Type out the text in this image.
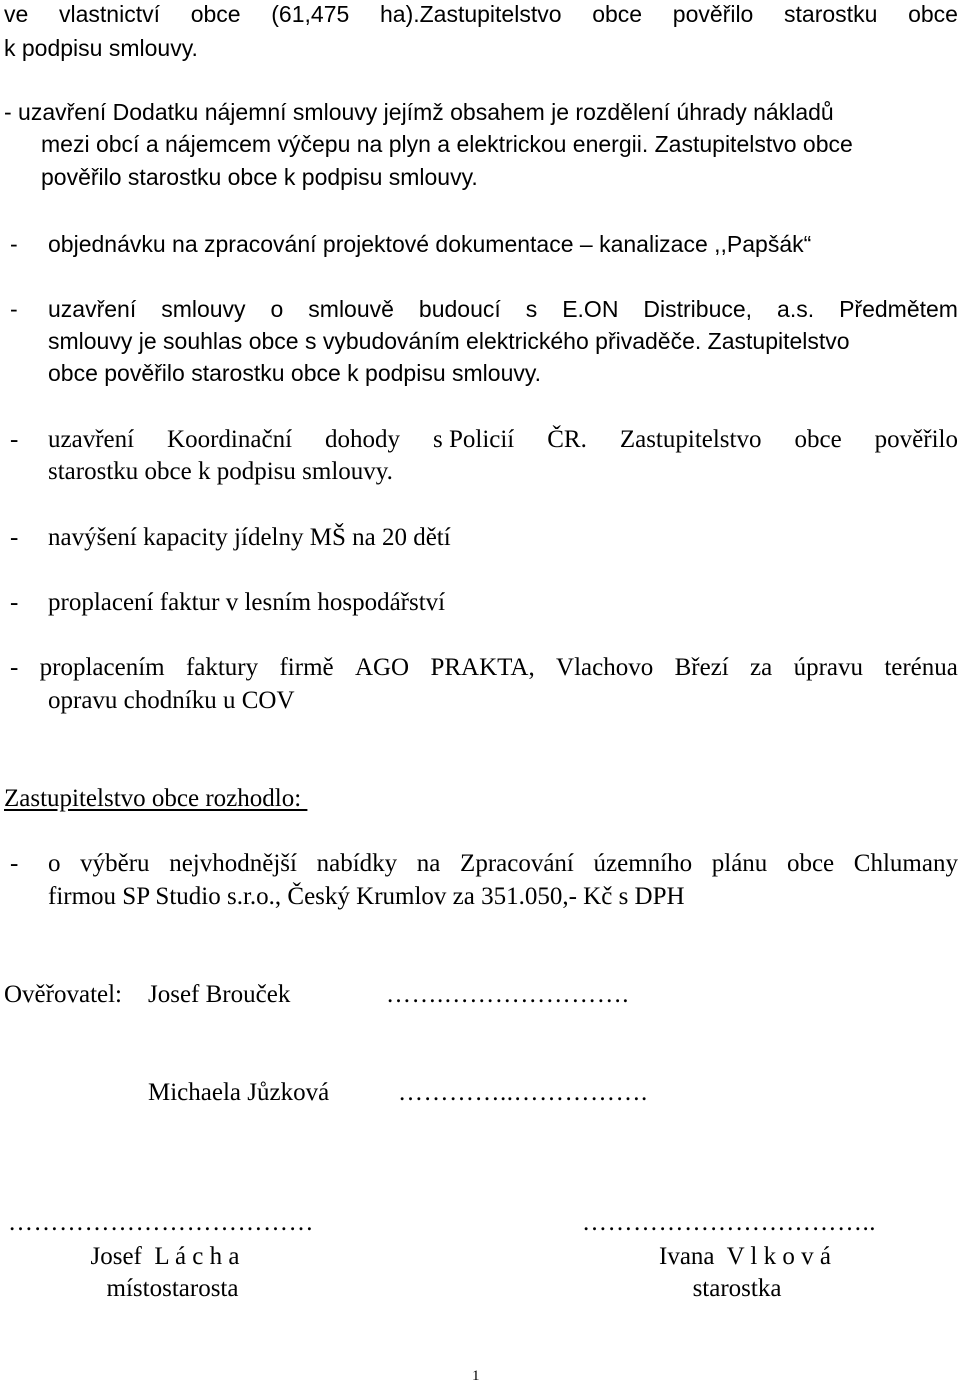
ve vlastnictví obce (61,475 ha).Zastupitelstvo obce pověřilo starostku obce
k podpisu smlouvy.
- uzavření Dodatku nájemní smlouvy jejímž obsahem je rozdělení úhrady nákladů
mezi obcí a nájemcem výčepu na plyn a elektrickou energii. Zastupitelstvo obce
pověřilo starostku obce k podpisu smlouvy.
- objednávku na zpracování projektové dokumentace – kanalizace ,,Papšák“
- uzavření smlouvy o smlouvě budoucí s E.ON Distribuce, a.s. Předmětem
smlouvy je souhlas obce s vybudováním elektrického přivaděče. Zastupitelstvo
obce pověřilo starostku obce k podpisu smlouvy.
- uzavření Koordinační dohody s Policií ČR. Zastupitelstvo obce pověřilo
starostku obce k podpisu smlouvy.
- navýšení kapacity jídelny MŠ na 20 dětí
- proplacení faktur v lesním hospodářství
- proplacením faktury firmě AGO PRAKTA, Vlachovo Březí za úpravu terénua
opravu chodníku u COV
Zastupitelstvo obce rozhodlo:
- o výběru nejvhodnější nabídky na Zpracování územního plánu obce Chlumany
firmou SP Studio s.r.o., Český Krumlov za 351.050,- Kč s DPH
Ověřovatel: Josef Brouček	…….………………….
Michaela Jůzková	…………..…………….
………………………………	……………………………..
Josef  L á c h a
místostarosta
Ivana  V l k o v á
starostka
1
